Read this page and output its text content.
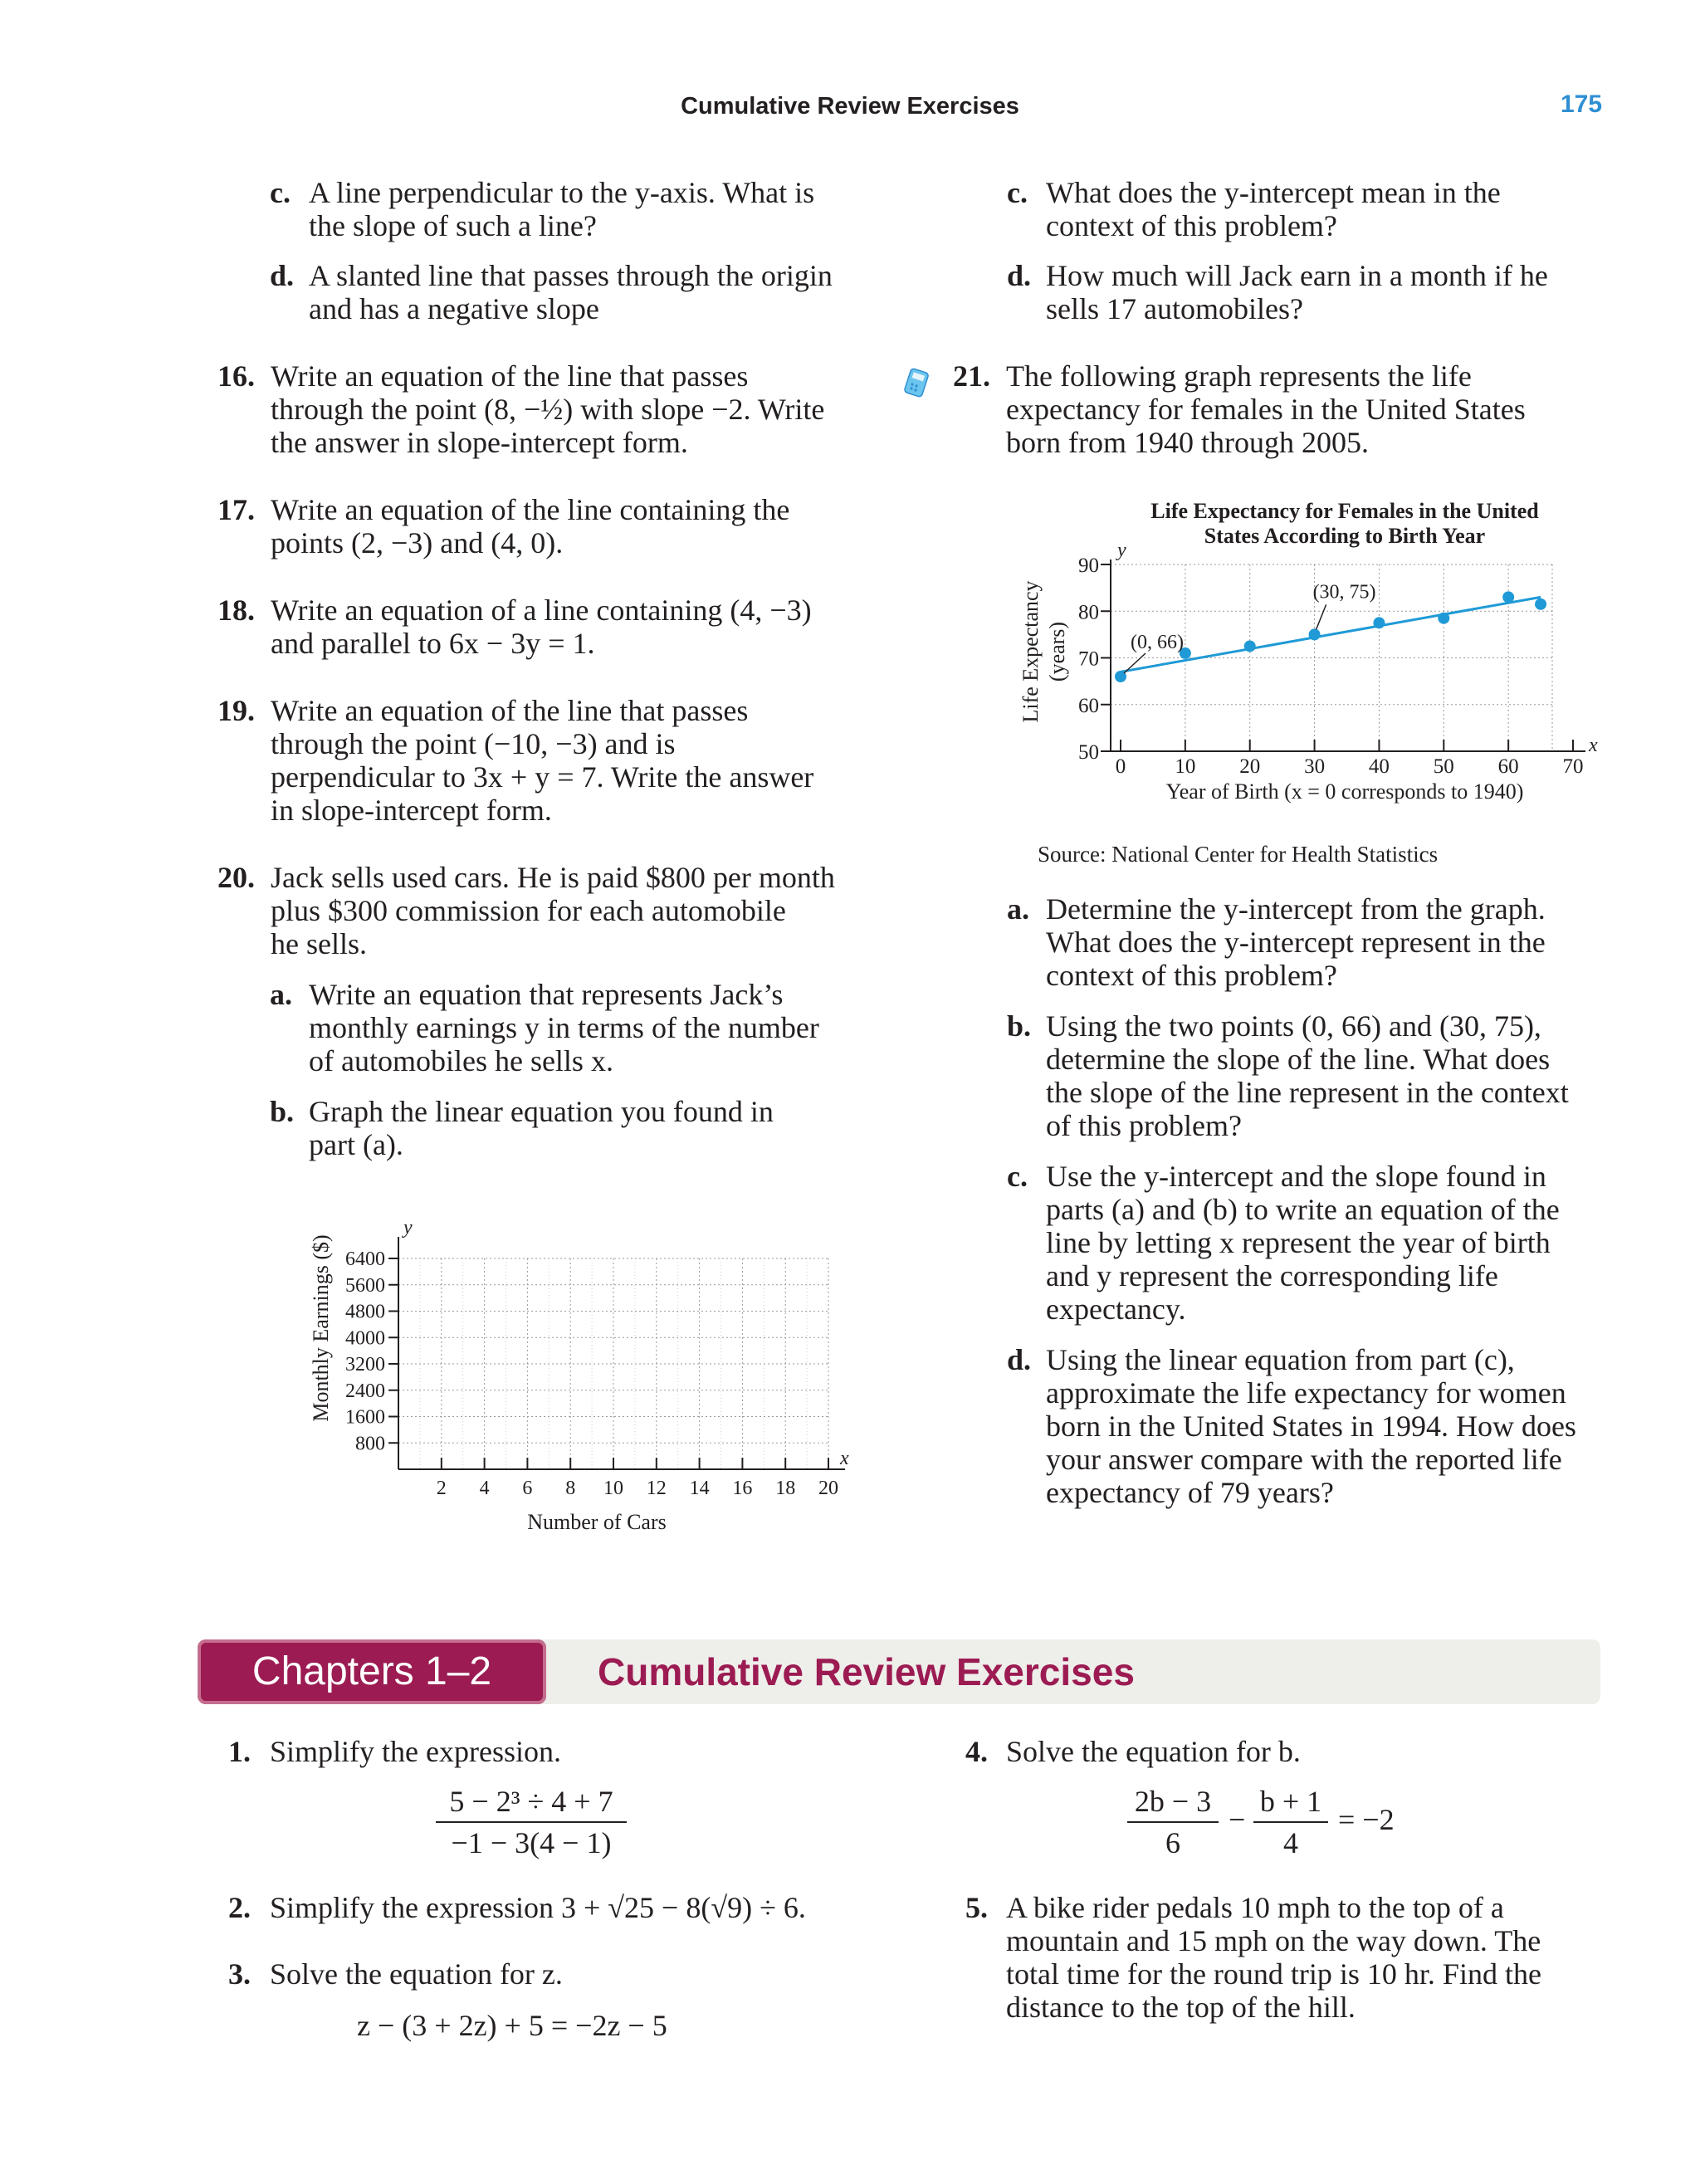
Cumulative Review Exercises	175
c. A line perpendicular to the y-axis. What is

the slope of such a line?

d. A slanted line that passes through the origin

and has a negative slope

16. Write an equation of the line that passes

through the point (8, −½) with slope −2. Write

the answer in slope-intercept form.

17. Write an equation of the line containing the

points (2, −3) and (4, 0).

18. Write an equation of a line containing (4, −3)

and parallel to 6x − 3y = 1.

19. Write an equation of the line that passes

through the point (−10, −3) and is

perpendicular to 3x + y = 7. Write the answer

in slope-intercept form.

20. Jack sells used cars. He is paid $800 per month

plus $300 commission for each automobile

he sells.

a. Write an equation that represents Jack’s

monthly earnings y in terms of the number

of automobiles he sells x.

b. Graph the linear equation you found in

part (a).

Monthly Earnings ($)
y
x
800
1600
2400
3200
4000
4800
5600
6400
2 4 6 8 10 12 14 16 18 20
Number of Cars
c. What does the y-intercept mean in the

context of this problem?

d. How much will Jack earn in a month if he

sells 17 automobiles?

21. The following graph represents the life

expectancy for females in the United States

born from 1940 through 2005.

Life Expectancy for Females in the United
States According to Birth Year
Life Expectancy (years)
Year of Birth (x = 0 corresponds to 1940)
y
x
50
60
70
80
90
0 10 20 30 40 50 60 70
(0, 66)
(30, 75)

Source: National Center for Health Statistics

a. Determine the y-intercept from the graph.

What does the y-intercept represent in the

context of this problem?

b. Using the two points (0, 66) and (30, 75),

determine the slope of the line. What does

the slope of the line represent in the context

of this problem?

c. Use the y-intercept and the slope found in

parts (a) and (b) to write an equation of the

line by letting x represent the year of birth

and y represent the corresponding life

expectancy.

d. Using the linear equation from part (c),

approximate the life expectancy for women

born in the United States in 1994. How does

your answer compare with the reported life

expectancy of 79 years?

Chapters 1–2	Cumulative Review Exercises
1. Simplify the expression.

5 − 2³ ÷ 4 + 7
−1 − 3(4 − 1)
2. Simplify the expression 3 + √25 − 8(√9) ÷ 6.

3. Solve the equation for z.

z − (3 + 2z) + 5 = −2z − 5

4. Solve the equation for b.

2b − 3
6
−
b + 1
4
= −2
5. A bike rider pedals 10 mph to the top of a

mountain and 15 mph on the way down. The

total time for the round trip is 10 hr. Find the

distance to the top of the hill.
